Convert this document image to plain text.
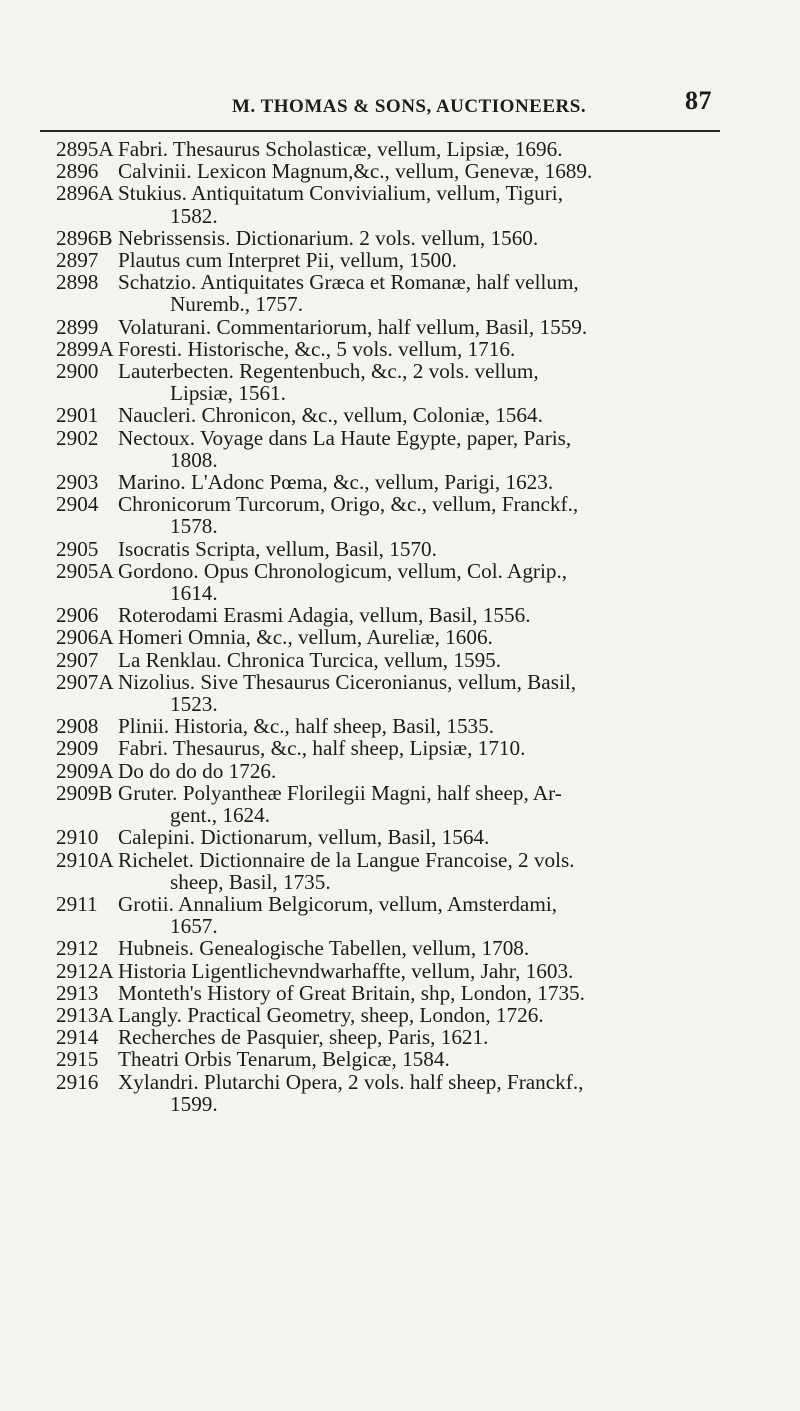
M. THOMAS & SONS, AUCTIONEERS.	87
2895A Fabri. Thesaurus Scholasticæ, vellum, Lipsiæ, 1696.
2896 Calvinii. Lexicon Magnum,&c., vellum, Genevæ, 1689.
2896A Stukius. Antiquitatum Convivialium, vellum, Tiguri,
1582.
2896B Nebrissensis. Dictionarium. 2 vols. vellum, 1560.
2897 Plautus cum Interpret Pii, vellum, 1500.
2898 Schatzio. Antiquitates Græca et Romanæ, half vellum,
Nuremb., 1757.
2899 Volaturani. Commentariorum, half vellum, Basil, 1559.
2899A Foresti. Historische, &c., 5 vols. vellum, 1716.
2900 Lauterbecten. Regentenbuch, &c., 2 vols. vellum,
Lipsiæ, 1561.
2901 Naucleri. Chronicon, &c., vellum, Coloniæ, 1564.
2902 Nectoux. Voyage dans La Haute Egypte, paper, Paris,
1808.
2903 Marino. L'Adonc Pœma, &c., vellum, Parigi, 1623.
2904 Chronicorum Turcorum, Origo, &c., vellum, Franckf.,
1578.
2905 Isocratis Scripta, vellum, Basil, 1570.
2905A Gordono. Opus Chronologicum, vellum, Col. Agrip.,
1614.
2906 Roterodami Erasmi Adagia, vellum, Basil, 1556.
2906A Homeri Omnia, &c., vellum, Aureliæ, 1606.
2907 La Renklau. Chronica Turcica, vellum, 1595.
2907A Nizolius. Sive Thesaurus Ciceronianus, vellum, Basil,
1523.
2908 Plinii. Historia, &c., half sheep, Basil, 1535.
2909 Fabri. Thesaurus, &c., half sheep, Lipsiæ, 1710.
2909A Do do do do 1726.
2909B Gruter. Polyantheæ Florilegii Magni, half sheep, Ar-
gent., 1624.
2910 Calepini. Dictionarum, vellum, Basil, 1564.
2910A Richelet. Dictionnaire de la Langue Francoise, 2 vols.
sheep, Basil, 1735.
2911 Grotii. Annalium Belgicorum, vellum, Amsterdami,
1657.
2912 Hubneis. Genealogische Tabellen, vellum, 1708.
2912A Historia Ligentlichevndwarhaffte, vellum, Jahr, 1603.
2913 Monteth's History of Great Britain, shp, London, 1735.
2913A Langly. Practical Geometry, sheep, London, 1726.
2914 Recherches de Pasquier, sheep, Paris, 1621.
2915 Theatri Orbis Tenarum, Belgicæ, 1584.
2916 Xylandri. Plutarchi Opera, 2 vols. half sheep, Franckf.,
1599.
